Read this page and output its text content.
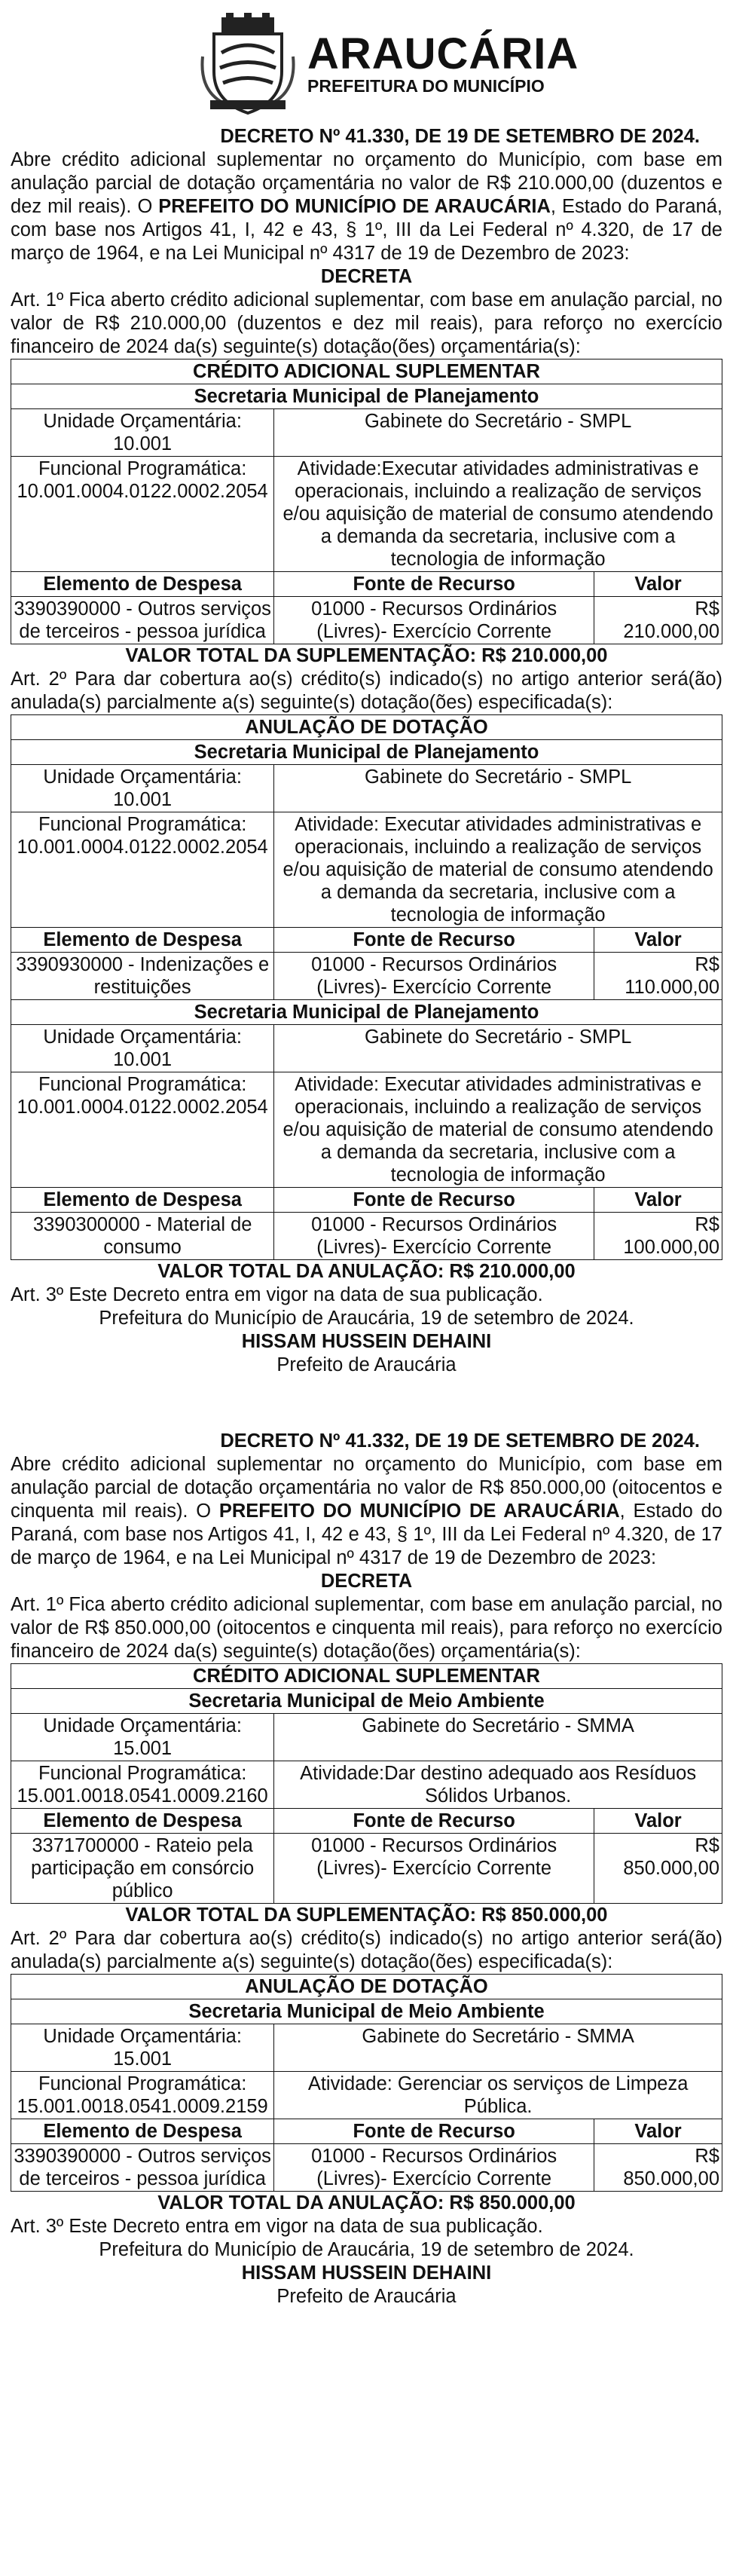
ARAUCÁRIA
PREFEITURA DO MUNICÍPIO
DECRETO Nº 41.330, DE 19 DE SETEMBRO DE 2024.

Abre crédito adicional suplementar no orçamento do Município, com base em anulação parcial de dotação orçamentária no valor de R$ 210.000,00 (duzentos e dez mil reais). O PREFEITO DO MUNICÍPIO DE ARAUCÁRIA, Estado do Paraná, com base nos Artigos 41, I, 42 e 43, § 1º, III da Lei Federal nº 4.320, de 17 de março de 1964, e na Lei Municipal nº 4317 de 19 de Dezembro de 2023:

DECRETA

Art. 1º Fica aberto crédito adicional suplementar, com base em anulação parcial, no valor de R$ 210.000,00 (duzentos e dez mil reais), para reforço no exercício financeiro de 2024 da(s) seguinte(s) dotação(ões) orçamentária(s):

CRÉDITO ADICIONAL SUPLEMENTAR		
Secretaria Municipal de Planejamento		
Unidade Orçamentária: 10.001	Gabinete do Secretário - SMPL	
Funcional Programática: 10.001.0004.0122.0002.2054	Atividade:Executar atividades administrativas e operacionais, incluindo a realização de serviços e/ou aquisição de material de consumo atendendo a demanda da secretaria, inclusive com a tecnologia de informação	
Elemento de Despesa	Fonte de Recurso	Valor
3390390000 - Outros serviços de terceiros - pessoa jurídica	01000 - Recursos Ordinários (Livres)- Exercício Corrente	R$ 210.000,00

VALOR TOTAL DA SUPLEMENTAÇÃO: R$ 210.000,00

Art. 2º Para dar cobertura ao(s) crédito(s) indicado(s) no artigo anterior será(ão) anulada(s) parcialmente a(s) seguinte(s) dotação(ões) especificada(s):

ANULAÇÃO DE DOTAÇÃO		
Secretaria Municipal de Planejamento		
Unidade Orçamentária: 10.001	Gabinete do Secretário - SMPL	
Funcional Programática: 10.001.0004.0122.0002.2054	Atividade: Executar atividades administrativas e operacionais, incluindo a realização de serviços e/ou aquisição de material de consumo atendendo a demanda da secretaria, inclusive com a tecnologia de informação	
Elemento de Despesa	Fonte de Recurso	Valor
3390930000 - Indenizações e restituições	01000 - Recursos Ordinários (Livres)- Exercício Corrente	R$ 110.000,00
Secretaria Municipal de Planejamento		
Unidade Orçamentária: 10.001	Gabinete do Secretário - SMPL	
Funcional Programática: 10.001.0004.0122.0002.2054	Atividade: Executar atividades administrativas e operacionais, incluindo a realização de serviços e/ou aquisição de material de consumo atendendo a demanda da secretaria, inclusive com a tecnologia de informação	
Elemento de Despesa	Fonte de Recurso	Valor
3390300000 - Material de consumo	01000 - Recursos Ordinários (Livres)- Exercício Corrente	R$ 100.000,00

VALOR TOTAL DA ANULAÇÃO: R$ 210.000,00

Art. 3º Este Decreto entra em vigor na data de sua publicação.

Prefeitura do Município de Araucária, 19 de setembro de 2024.

HISSAM HUSSEIN DEHAINI

Prefeito de Araucária

DECRETO Nº 41.332, DE 19 DE SETEMBRO DE 2024.

Abre crédito adicional suplementar no orçamento do Município, com base em anulação parcial de dotação orçamentária no valor de R$ 850.000,00 (oitocentos e cinquenta mil reais). O PREFEITO DO MUNICÍPIO DE ARAUCÁRIA, Estado do Paraná, com base nos Artigos 41, I, 42 e 43, § 1º, III da Lei Federal nº 4.320, de 17 de março de 1964, e na Lei Municipal nº 4317 de 19 de Dezembro de 2023:

DECRETA

Art. 1º Fica aberto crédito adicional suplementar, com base em anulação parcial, no valor de R$ 850.000,00 (oitocentos e cinquenta mil reais), para reforço no exercício financeiro de 2024 da(s) seguinte(s) dotação(ões) orçamentária(s):

CRÉDITO ADICIONAL SUPLEMENTAR		
Secretaria Municipal de Meio Ambiente		
Unidade Orçamentária: 15.001	Gabinete do Secretário - SMMA	
Funcional Programática: 15.001.0018.0541.0009.2160	Atividade:Dar destino adequado aos Resíduos Sólidos Urbanos.	
Elemento de Despesa	Fonte de Recurso	Valor
3371700000 - Rateio pela participação em consórcio público	01000 - Recursos Ordinários (Livres)- Exercício Corrente	R$ 850.000,00

VALOR TOTAL DA SUPLEMENTAÇÃO: R$ 850.000,00

Art. 2º Para dar cobertura ao(s) crédito(s) indicado(s) no artigo anterior será(ão) anulada(s) parcialmente a(s) seguinte(s) dotação(ões) especificada(s):

ANULAÇÃO DE DOTAÇÃO		
Secretaria Municipal de Meio Ambiente		
Unidade Orçamentária: 15.001	Gabinete do Secretário - SMMA	
Funcional Programática: 15.001.0018.0541.0009.2159	Atividade: Gerenciar os serviços de Limpeza Pública.	
Elemento de Despesa	Fonte de Recurso	Valor
3390390000 - Outros serviços de terceiros - pessoa jurídica	01000 - Recursos Ordinários (Livres)- Exercício Corrente	R$ 850.000,00

VALOR TOTAL DA ANULAÇÃO: R$ 850.000,00

Art. 3º Este Decreto entra em vigor na data de sua publicação.

Prefeitura do Município de Araucária, 19 de setembro de 2024.

HISSAM HUSSEIN DEHAINI

Prefeito de Araucária
